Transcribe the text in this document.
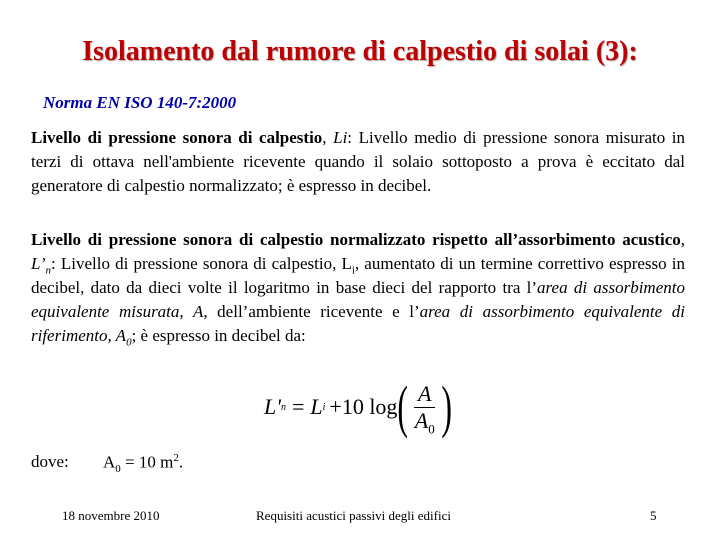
Isolamento dal rumore di calpestio di solai (3):
Norma EN ISO 140-7:2000
Livello di pressione sonora di calpestio, Li: Livello medio di pressione sonora misurato in terzi di ottava nell'ambiente ricevente quando il solaio sottoposto a prova è eccitato dal generatore di calpestio normalizzato; è espresso in decibel.
Livello di pressione sonora di calpestio normalizzato rispetto all’assorbimento acustico, $L’_n$: Livello di pressione sonora di calpestio, $L_i$, aumentato di un termine correttivo espresso in decibel, dato da dieci volte il logaritmo in base dieci del rapporto tra l’area di assorbimento equivalente misurata, A, dell’ambiente ricevente e l’area di assorbimento equivalente di riferimento, $A_0$; è espresso in decibel da:
L' n = L i +10 log ( $\frac{A}{A_0}$ )
dove: $A_0 = 10$ $m^2$.
18 novembre 2010	Requisiti acustici passivi degli edifici	5
